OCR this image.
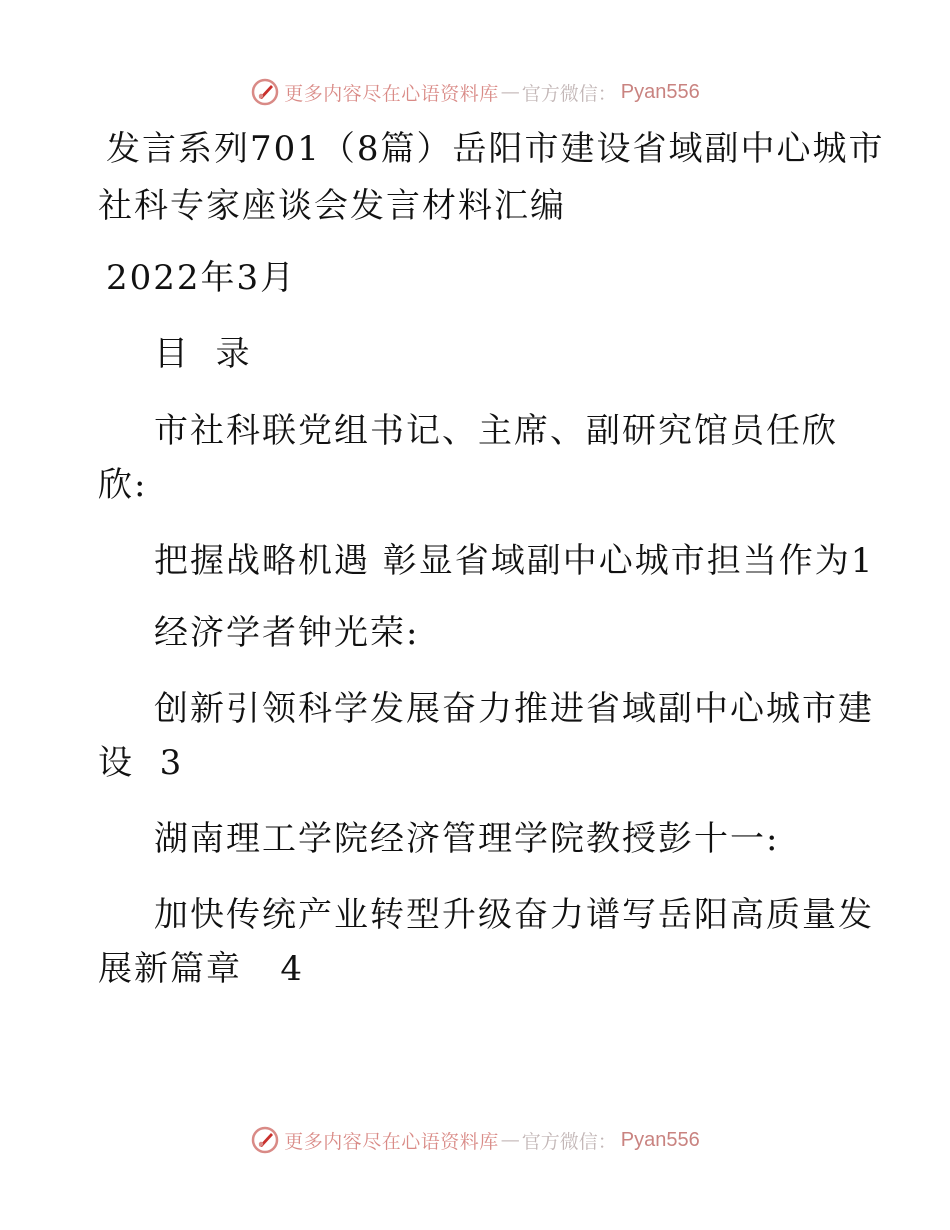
更多内容尽在心语资料库 — 官方微信： Pyan556
发言系列701（8篇）岳阳市建设省域副中心城市
社科专家座谈会发言材料汇编
2022年3月
目  录
市社科联党组书记、主席、副研究馆员任欣
欣:
把握战略机遇 彰显省域副中心城市担当作为1
经济学者钟光荣:
创新引领科学发展奋力推进省域副中心城市建
设  3
湖南理工学院经济管理学院教授彭十一:
加快传统产业转型升级奋力谱写岳阳高质量发
展新篇章   4
更多内容尽在心语资料库 — 官方微信： Pyan556
